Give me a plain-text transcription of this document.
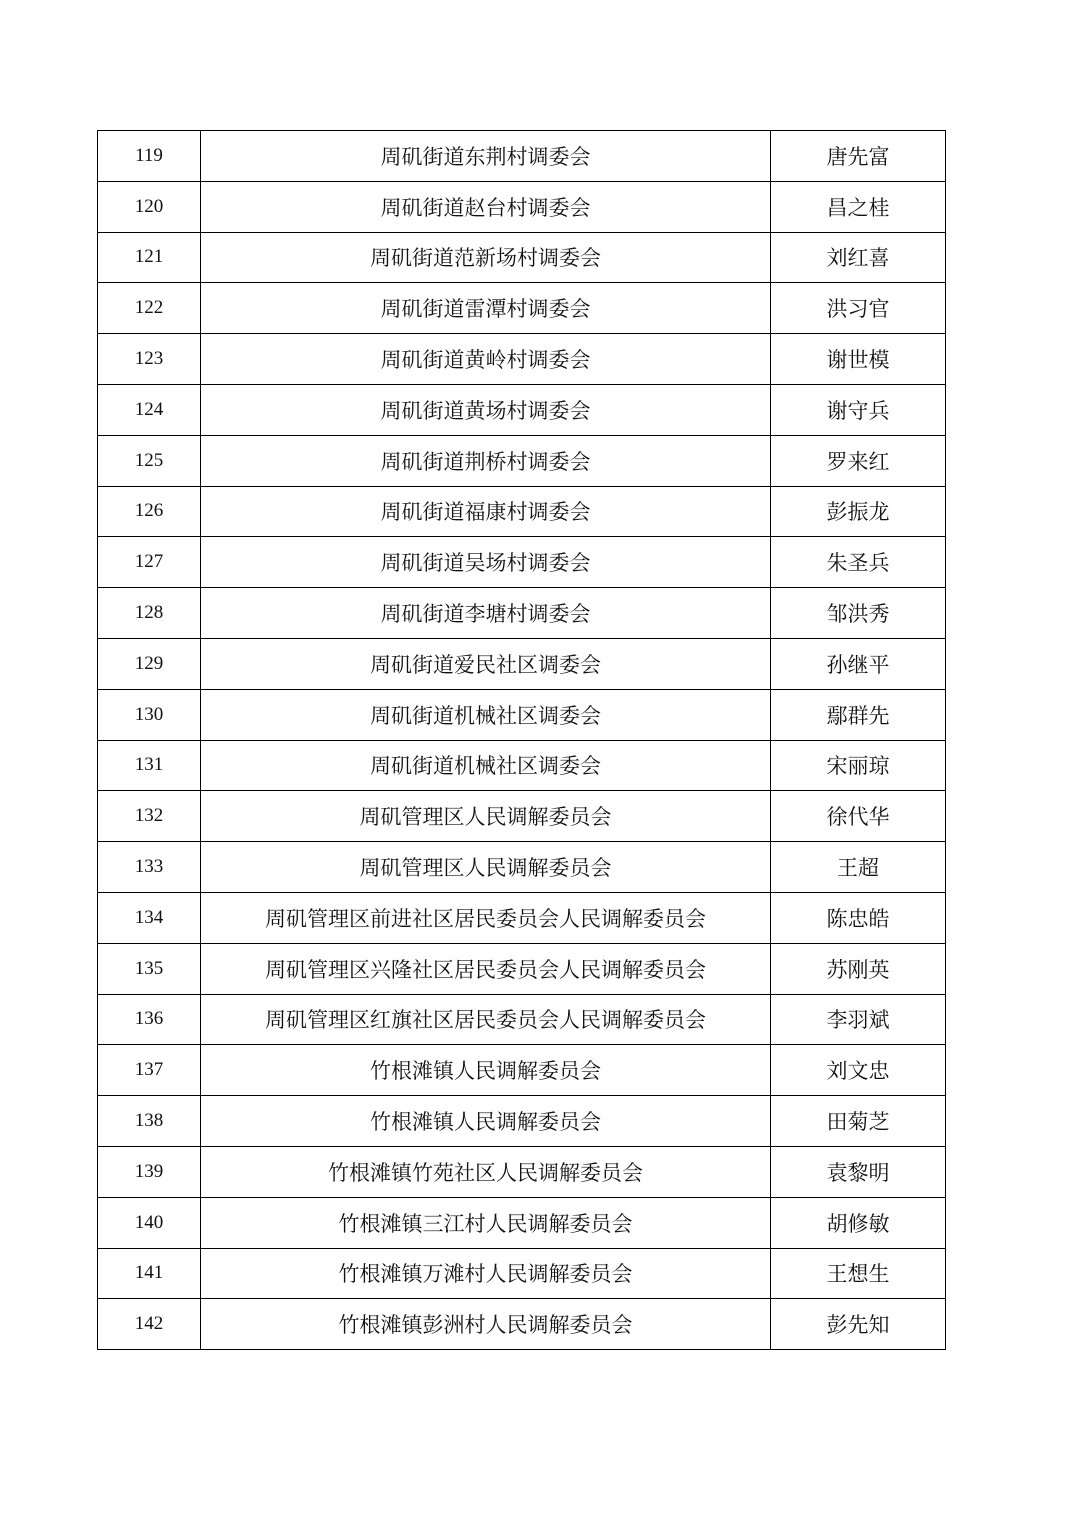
119	周矶街道东荆村调委会	唐先富
120	周矶街道赵台村调委会	昌之桂
121	周矶街道范新场村调委会	刘红喜
122	周矶街道雷潭村调委会	洪习官
123	周矶街道黄岭村调委会	谢世模
124	周矶街道黄场村调委会	谢守兵
125	周矶街道荆桥村调委会	罗来红
126	周矶街道福康村调委会	彭振龙
127	周矶街道吴场村调委会	朱圣兵
128	周矶街道李塘村调委会	邹洪秀
129	周矶街道爱民社区调委会	孙继平
130	周矶街道机械社区调委会	鄢群先
131	周矶街道机械社区调委会	宋丽琼
132	周矶管理区人民调解委员会	徐代华
133	周矶管理区人民调解委员会	王超
134	周矶管理区前进社区居民委员会人民调解委员会	陈忠皓
135	周矶管理区兴隆社区居民委员会人民调解委员会	苏刚英
136	周矶管理区红旗社区居民委员会人民调解委员会	李羽斌
137	竹根滩镇人民调解委员会	刘文忠
138	竹根滩镇人民调解委员会	田菊芝
139	竹根滩镇竹苑社区人民调解委员会	袁黎明
140	竹根滩镇三江村人民调解委员会	胡修敏
141	竹根滩镇万滩村人民调解委员会	王想生
142	竹根滩镇彭洲村人民调解委员会	彭先知
